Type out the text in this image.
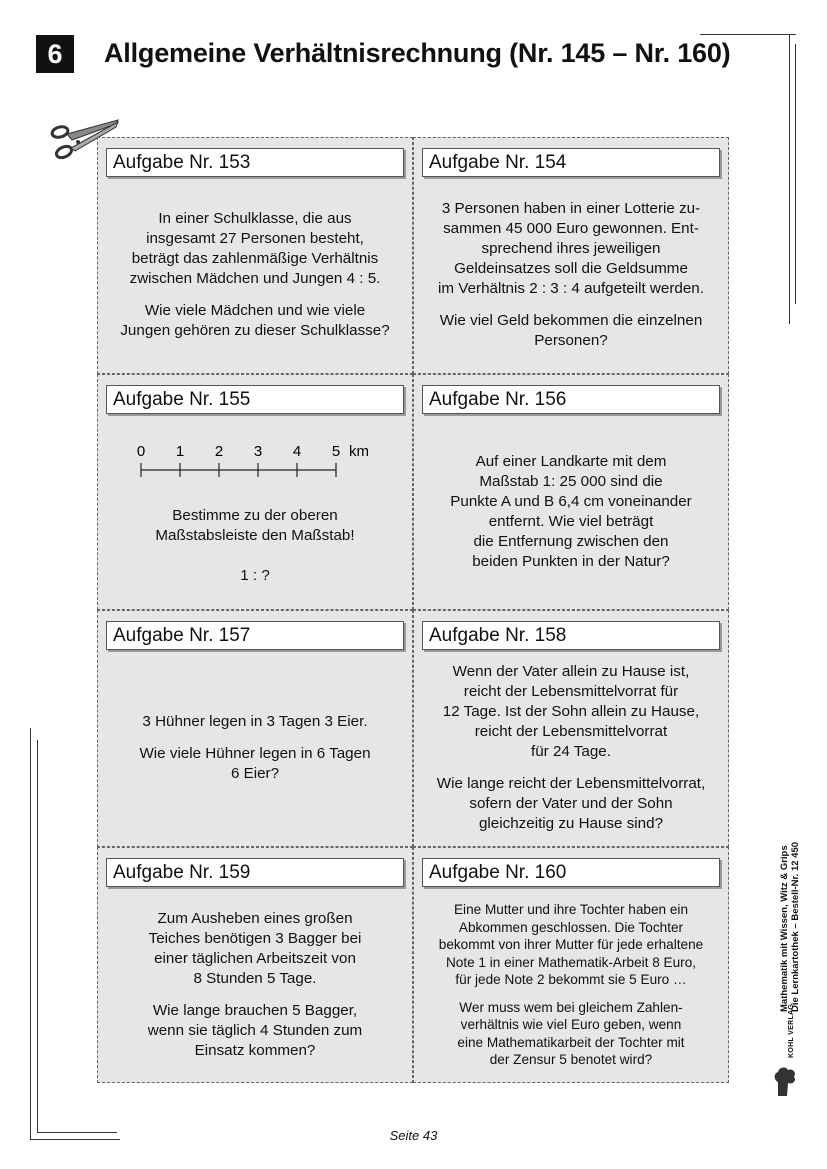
6	Allgemeine Verhältnisrechnung (Nr. 145 – Nr. 160)
Aufgabe Nr. 153

In einer Schulklasse, die aus
insgesamt 27 Personen besteht,
beträgt das zahlenmäßige Verhältnis
zwischen Mädchen und Jungen 4 : 5.

Wie viele Mädchen und wie viele
Jungen gehören zu dieser Schulklasse?

Aufgabe Nr. 154

3 Personen haben in einer Lotterie zu-
sammen 45 000 Euro gewonnen. Ent-
sprechend ihres jeweiligen
Geldeinsatzes soll die Geldsumme
im Verhältnis 2 : 3 : 4 aufgeteilt werden.

Wie viel Geld bekommen die einzelnen
Personen?

Aufgabe Nr. 155
0 1 2 3 4 5 km

Bestimme zu der oberen
Maßstabsleiste den Maßstab!

1 : ?

Aufgabe Nr. 156

Auf einer Landkarte mit dem
Maßstab 1: 25 000 sind die
Punkte A und B 6,4 cm voneinander
entfernt. Wie viel beträgt
die Entfernung zwischen den
beiden Punkten in der Natur?

Aufgabe Nr. 157

3 Hühner legen in 3 Tagen 3 Eier.

Wie viele Hühner legen in 6 Tagen
6 Eier?

Aufgabe Nr. 158

Wenn der Vater allein zu Hause ist,
reicht der Lebensmittelvorrat für
12 Tage. Ist der Sohn allein zu Hause,
reicht der Lebensmittelvorrat
für 24 Tage.

Wie lange reicht der Lebensmittelvorrat,
sofern der Vater und der Sohn
gleichzeitig zu Hause sind?

Aufgabe Nr. 159

Zum Ausheben eines großen
Teiches benötigen 3 Bagger bei
einer täglichen Arbeitszeit von
8 Stunden 5 Tage.

Wie lange brauchen 5 Bagger,
wenn sie täglich 4 Stunden zum
Einsatz kommen?

Aufgabe Nr. 160

Eine Mutter und ihre Tochter haben ein
Abkommen geschlossen. Die Tochter
bekommt von ihrer Mutter für jede erhaltene
Note 1 in einer Mathematik-Arbeit 8 Euro,
für jede Note 2 bekommt sie 5 Euro …

Wer muss wem bei gleichem Zahlen-
verhältnis wie viel Euro geben, wenn
eine Mathematikarbeit der Tochter mit
der Zensur 5 benotet wird?

Mathematik mit Wissen, Witz & Grips Die Lernkartothek – Bestell-Nr. 12 450
KOHL VERLAG
Seite 43
